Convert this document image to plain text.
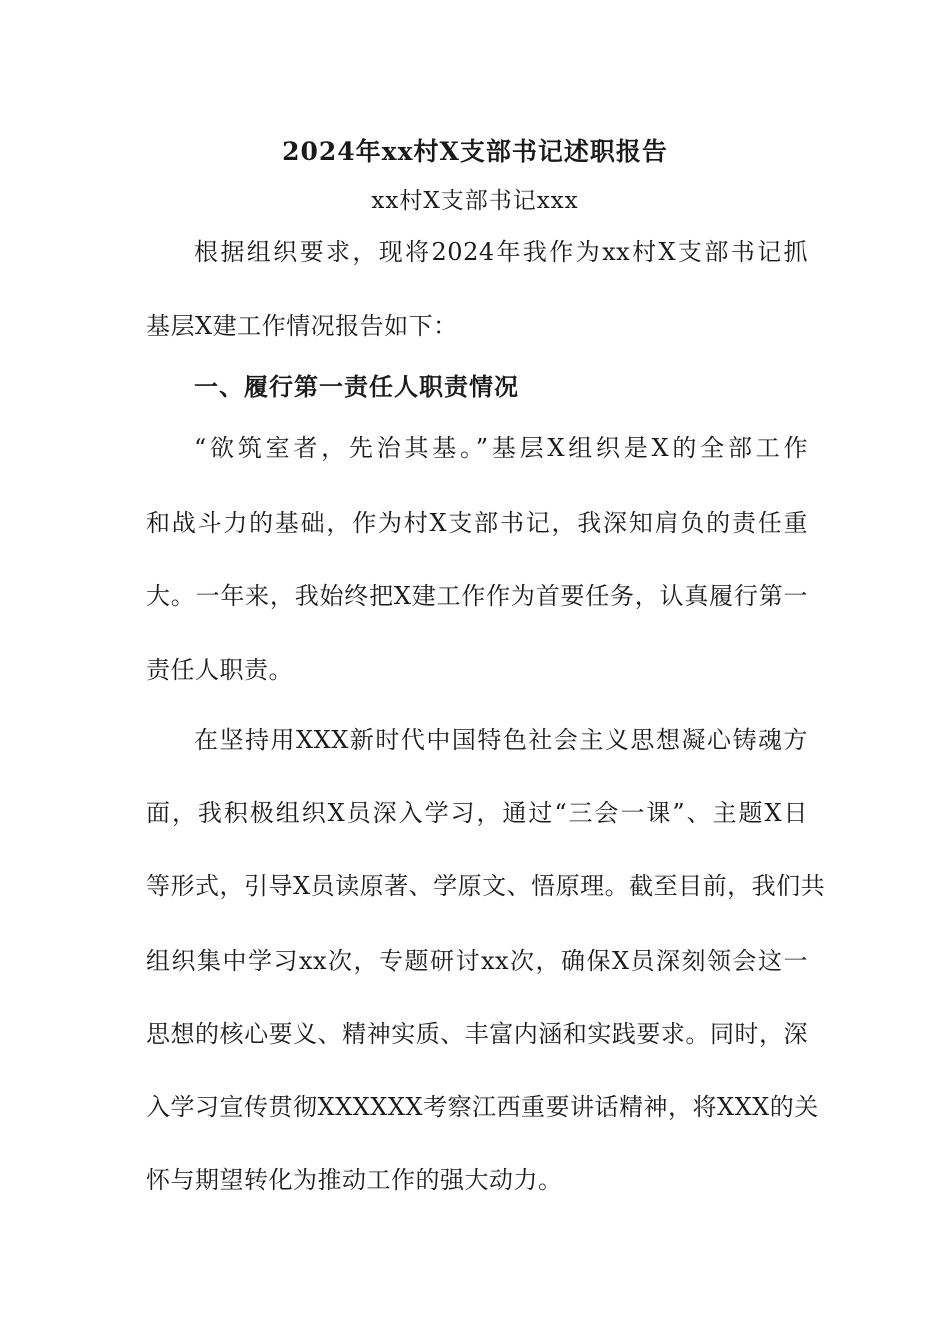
2024年xx村X支部书记述职报告
xx村X支部书记xxx
根据组织要求，现将2024年我作为xx村X支部书记抓
基层X建工作情况报告如下：
一、履行第一责任人职责情况
“欲筑室者，先治其基。”基层X组织是X的全部工作
和战斗力的基础，作为村X支部书记，我深知肩负的责任重
大。一年来，我始终把X建工作作为首要任务，认真履行第一
责任人职责。
在坚持用XXX新时代中国特色社会主义思想凝心铸魂方
面，我积极组织X员深入学习，通过“三会一课”、主题X日
等形式，引导X员读原著、学原文、悟原理。截至目前，我们共
组织集中学习xx次，专题研讨xx次，确保X员深刻领会这一
思想的核心要义、精神实质、丰富内涵和实践要求。同时，深
入学习宣传贯彻XXXXXX考察江西重要讲话精神，将XXX的关
怀与期望转化为推动工作的强大动力。
